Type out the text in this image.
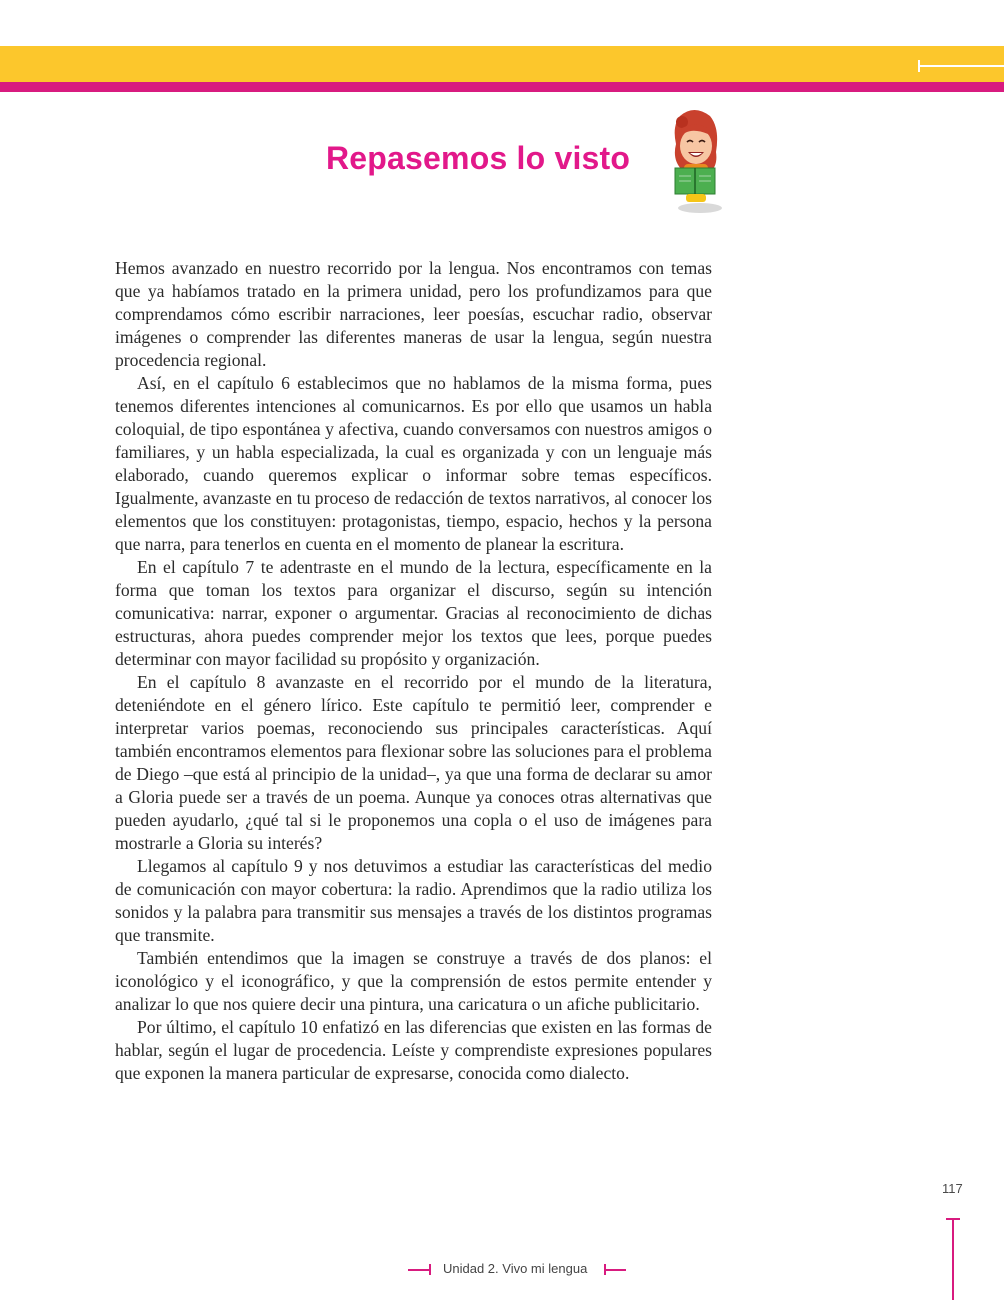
Repasemos lo visto

Hemos avanzado en nuestro recorrido por la lengua. Nos encontramos con temas que ya habíamos tratado en la primera unidad, pero los profundizamos para que comprendamos cómo escribir narraciones, leer poesías, escuchar radio, observar imágenes o comprender las diferentes maneras de usar la lengua, según nuestra procedencia regional.

Así, en el capítulo 6 establecimos que no hablamos de la misma forma, pues tenemos diferentes intenciones al comunicarnos. Es por ello que usamos un habla coloquial, de tipo espontánea y afectiva, cuando conversamos con nuestros amigos o familiares, y un habla especializada, la cual es organizada y con un lenguaje más elaborado, cuando queremos explicar o informar sobre temas específicos. Igualmente, avanzaste en tu proceso de redacción de textos narrativos, al conocer los elementos que los constituyen: protagonistas, tiempo, espacio, hechos y la persona que narra, para tenerlos en cuenta en el momento de planear la escritura.

En el capítulo 7 te adentraste en el mundo de la lectura, específicamente en la forma que toman los textos para organizar el discurso, según su intención comunicativa: narrar, exponer o argumentar. Gracias al reconocimiento de dichas estructuras, ahora puedes comprender mejor los textos que lees, porque puedes determinar con mayor facilidad su propósito y organización.

En el capítulo 8 avanzaste en el recorrido por el mundo de la literatura, deteniéndote en el género lírico. Este capítulo te permitió leer, comprender e interpretar varios poemas, reconociendo sus principales características. Aquí también encontramos elementos para flexionar sobre las soluciones para el problema de Diego –que está al principio de la unidad–, ya que una forma de declarar su amor a Gloria puede ser a través de un poema. Aunque ya conoces otras alternativas que pueden ayudarlo, ¿qué tal si le proponemos una copla o el uso de imágenes para mostrarle a Gloria su interés?

Llegamos al capítulo 9 y nos detuvimos a estudiar las características del medio de comunicación con mayor cobertura: la radio. Aprendimos que la radio utiliza los sonidos y la palabra para transmitir sus mensajes a través de los distintos programas que transmite.

También entendimos que la imagen se construye a través de dos planos: el iconológico y el iconográfico, y que la comprensión de estos permite entender y analizar lo que nos quiere decir una pintura, una caricatura o un afiche publicitario.

Por último, el capítulo 10 enfatizó en las diferencias que existen en las formas de hablar, según el lugar de procedencia. Leíste y comprendiste expresiones populares que exponen la manera particular de expresarse, conocida como dialecto.

117
Unidad 2. Vivo mi lengua
